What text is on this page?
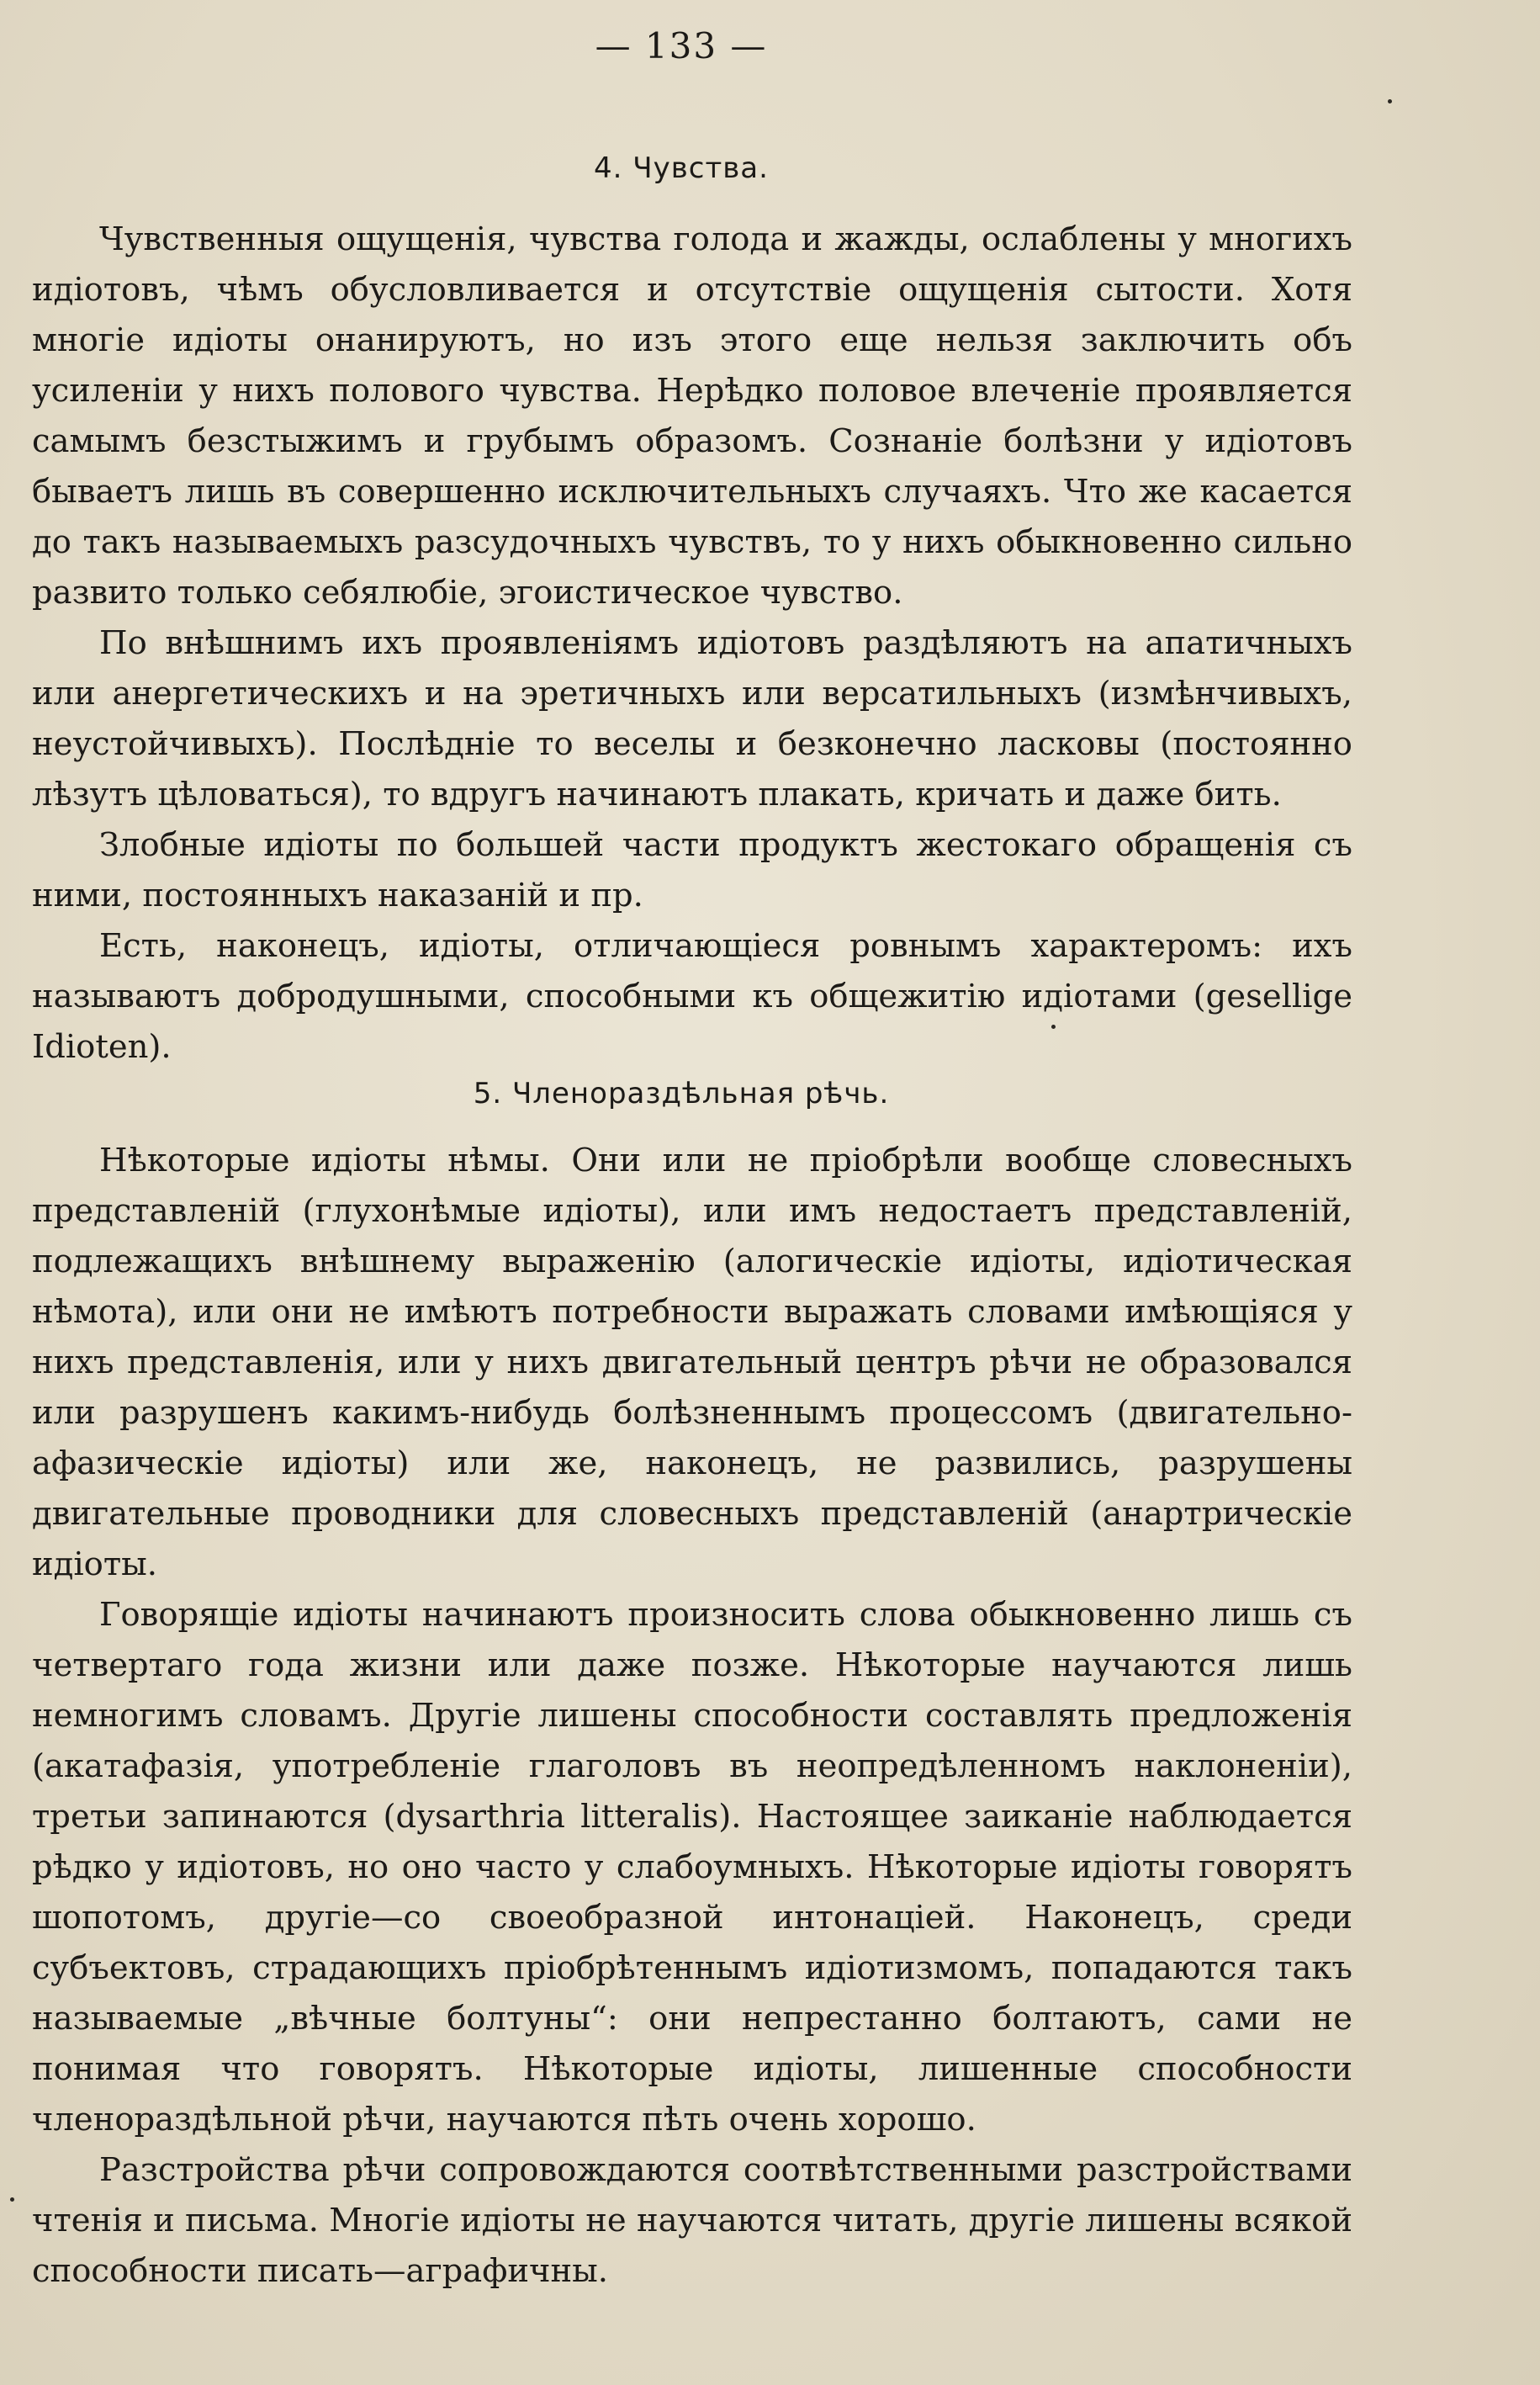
— 133 —
4. Чувства.

Чувственныя ощущенія, чувства голода и жажды, ослаблены у многихъ идіотовъ, чѣмъ обусловливается и отсутствіе ощущенія сытости. Хотя многіе идіоты онанируютъ, но изъ этого еще нельзя заключить объ усиленіи у нихъ полового чувства. Нерѣдко половое влеченіе проявляется самымъ безстыжимъ и грубымъ образомъ. Сознаніе болѣзни у идіотовъ бываетъ лишь въ совершенно исключительныхъ случаяхъ. Что же касается до такъ называемыхъ разсудочныхъ чувствъ, то у нихъ обыкновенно сильно развито только себялюбіе, эгоистическое чувство.

По внѣшнимъ ихъ проявленіямъ идіотовъ раздѣляютъ на апатичныхъ или анергетическихъ и на эретичныхъ или версатильныхъ (измѣнчивыхъ, неустойчивыхъ). Послѣдніе то веселы и безконечно ласковы (постоянно лѣзутъ цѣловаться), то вдругъ начинаютъ плакать, кричать и даже бить.

Злобные идіоты по большей части продуктъ жестокаго обращенія съ ними, постоянныхъ наказаній и пр.

Есть, наконецъ, идіоты, отличающіеся ровнымъ характеромъ: ихъ называютъ добродушными, способными къ общежитію идіотами (gesellige Idioten).

5. Членораздѣльная рѣчь.

Нѣкоторые идіоты нѣмы. Они или не пріобрѣли вообще словесныхъ представленій (глухонѣмые идіоты), или имъ недостаетъ представленій, подлежащихъ внѣшнему выраженію (алогическіе идіоты, идіотическая нѣмота), или они не имѣютъ потребности выражать словами имѣющіяся у нихъ представленія, или у нихъ двигательный центръ рѣчи не образовался или разрушенъ какимъ-нибудь болѣзненнымъ процессомъ (двигательно-афазическіе идіоты) или же, наконецъ, не развились, разрушены двигательные проводники для словесныхъ представленій (анартрическіе идіоты.

Говорящіе идіоты начинаютъ произносить слова обыкновенно лишь съ четвертаго года жизни или даже позже. Нѣкоторые научаются лишь немногимъ словамъ. Другіе лишены способности составлять предложенія (акатафазія, употребленіе глаголовъ въ неопредѣленномъ наклоненіи), третьи запинаются (dysarthria litteralis). Настоящее заиканіе наблюдается рѣдко у идіотовъ, но оно часто у слабоумныхъ. Нѣкоторые идіоты говорятъ шопотомъ, другіе—со своеобразной интонаціей. Наконецъ, среди субъектовъ, страдающихъ пріобрѣтеннымъ идіотизмомъ, попадаются такъ называемые „вѣчные болтуны“: они непрестанно болтаютъ, сами не понимая что говорятъ. Нѣкоторые идіоты, лишенные способности членораздѣльной рѣчи, научаются пѣть очень хорошо.

Разстройства рѣчи сопровождаются соотвѣтственными разстройствами чтенія и письма. Многіе идіоты не научаются читать, другіе лишены всякой способности писать—аграфичны.
